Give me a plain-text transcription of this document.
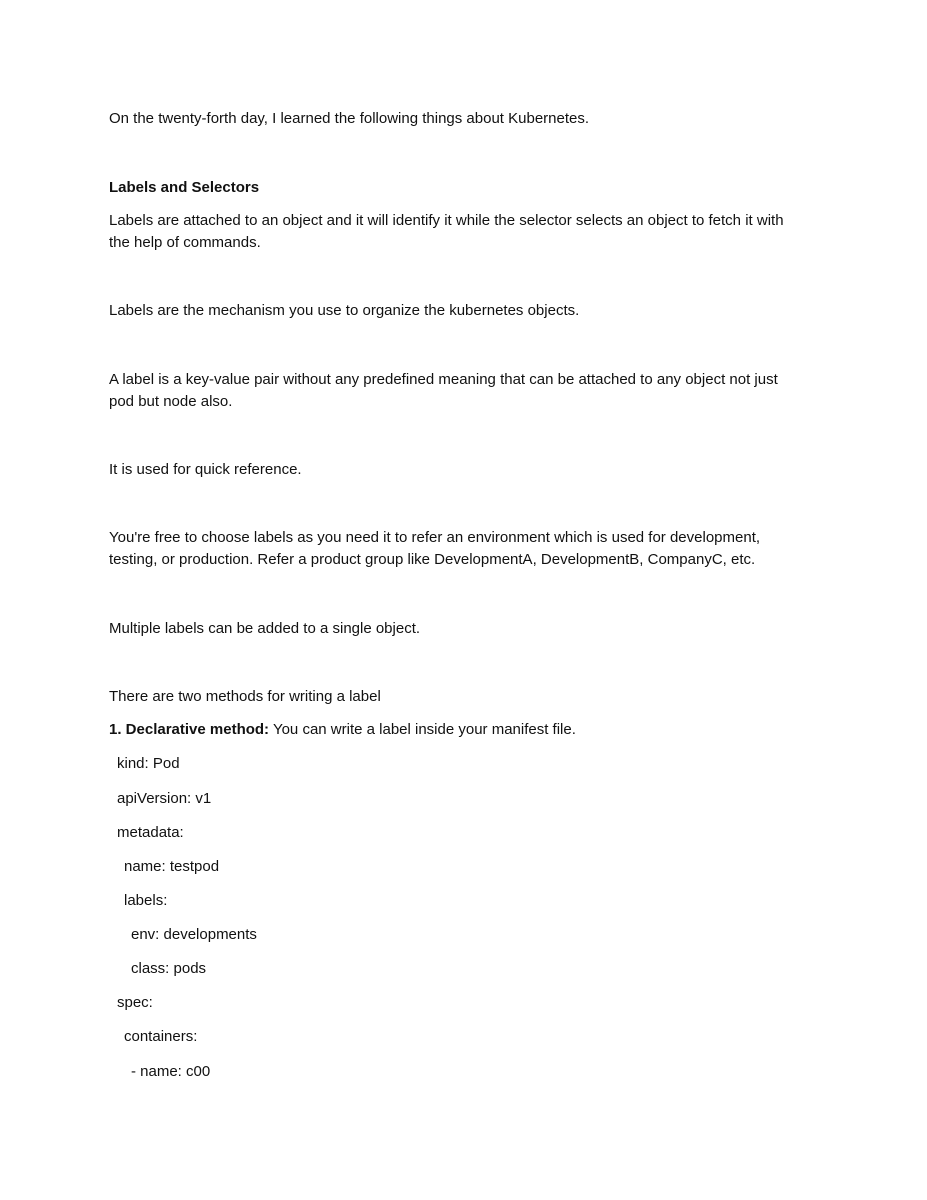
On the twenty-forth day, I learned the following things about Kubernetes.
Labels and Selectors
Labels are attached to an object and it will identify it while the selector selects an object to fetch it with
the help of commands.
Labels are the mechanism you use to organize the kubernetes objects.
A label is a key-value pair without any predefined meaning that can be attached to any object not just
pod but node also.
It is used for quick reference.
You're free to choose labels as you need it to refer an environment which is used for development,
testing, or production. Refer a product group like DevelopmentA, DevelopmentB, CompanyC, etc.
Multiple labels can be added to a single object.
There are two methods for writing a label
1. Declarative method: You can write a label inside your manifest file.
kind: Pod
apiVersion: v1
metadata:
name: testpod
labels:
env: developments
class: pods
spec:
containers:
- name: c00
